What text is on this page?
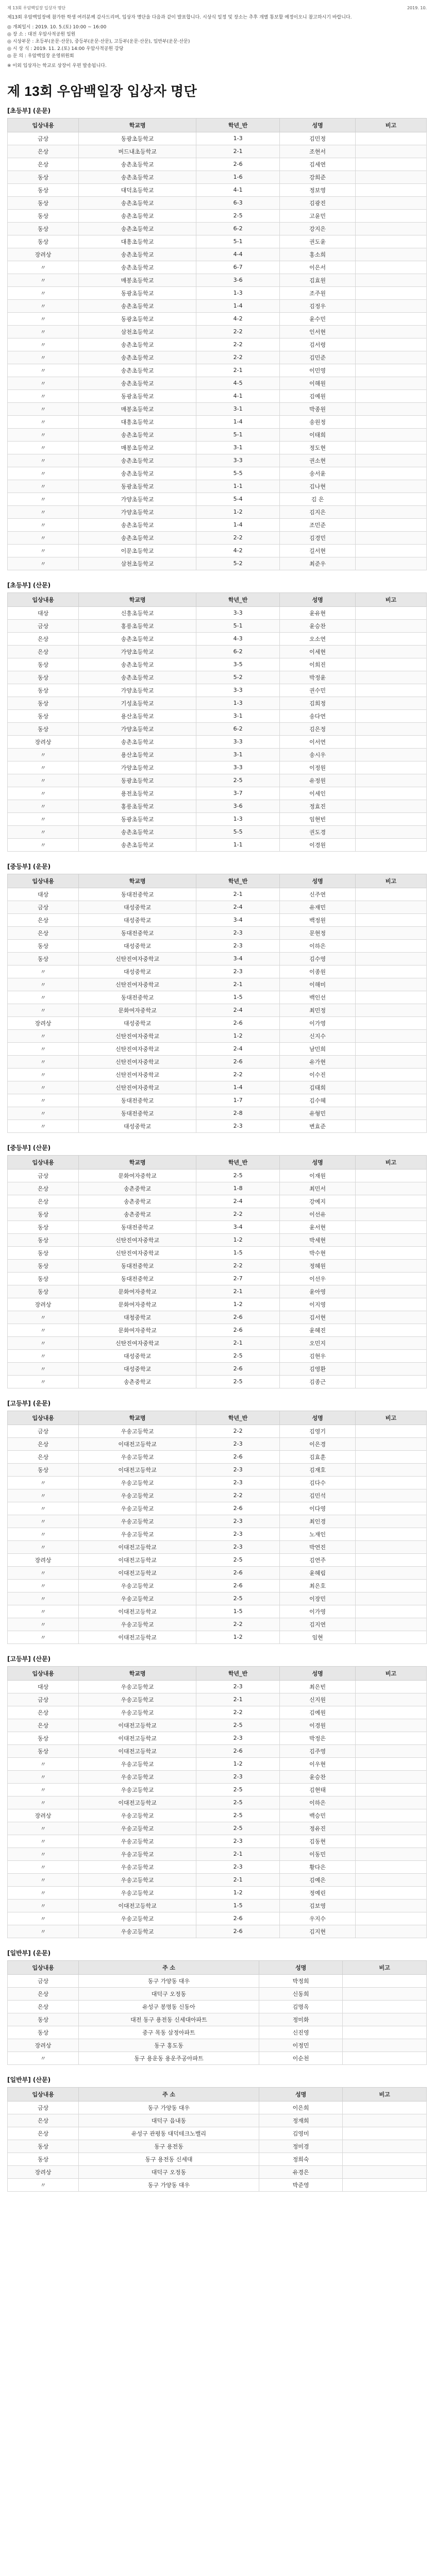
제 13회 우암백일장 입상자 명단	2019. 10.

제13회 우암백일장에 참가한 학생 여러분께 감사드리며, 입상자 명단을 다음과 같이 발표합니다. 시상식 일정 및 장소는 추후 개별 통보할 예정이오니 참고하시기 바랍니다.

◎ 개최일시 : 2019. 10. 5.(토) 10:00 ~ 16:00
◎ 장 소 : 대전 우암사적공원 일원
◎ 시상부문 : 초등부(운문·산문), 중등부(운문·산문), 고등부(운문·산문), 일반부(운문·산문)
◎ 시 상 식 : 2019. 11. 2.(토) 14:00 우암사적공원 강당
◎ 문 의 : 우암백일장 운영위원회

※ 이외 입상자는 학교로 상장이 우편 발송됩니다.

제 13회 우암백일장 입상자 명단
[초등부] (운문)
입상내용	학교명	학년_반	성명	비고
금상	동광초등학교	1-3	김민정	
은상	버드내초등학교	2-1	조현서	
은상	송촌초등학교	2-6	김세연	
동상	송촌초등학교	1-6	강희준	
동상	대덕초등학교	4-1	정보영	
동상	송촌초등학교	6-3	김광진	
동상	송촌초등학교	2-5	고윤민	
동상	송촌초등학교	6-2	강지은	
동상	대흥초등학교	5-1	권도윤	
장려상	송촌초등학교	4-4	홍소희	
〃	송촌초등학교	6-7	이은서	
〃	매봉초등학교	3-6	김효원	
〃	동광초등학교	1-3	조주원	
〃	송촌초등학교	1-4	김정우	
〃	동광초등학교	4-2	윤수민	
〃	삼천초등학교	2-2	인서현	
〃	송촌초등학교	2-2	김서령	
〃	송촌초등학교	2-2	김민준	
〃	송촌초등학교	2-1	이민영	
〃	송촌초등학교	4-5	이해원	
〃	동광초등학교	4-1	김예원	
〃	매봉초등학교	3-1	박종원	
〃	대흥초등학교	1-4	송원정	
〃	송촌초등학교	5-1	이태희	
〃	매봉초등학교	3-1	정도현	
〃	송촌초등학교	3-3	권소현	
〃	송촌초등학교	5-5	송서윤	
〃	동광초등학교	1-1	김나현	
〃	가양초등학교	5-4	김 은	
〃	가양초등학교	1-2	김지은	
〃	송촌초등학교	1-4	조민준	
〃	송촌초등학교	2-2	김경민	
〃	이문초등학교	4-2	길서현	
〃	삼천초등학교	5-2	최준우	
[초등부] (산문)
입상내용	학교명	학년_반	성명	비고
대상	신흥초등학교	3-3	윤유현	
금상	홍릉초등학교	5-1	윤승찬	
은상	송촌초등학교	4-3	오소연	
은상	가양초등학교	6-2	이세현	
동상	송촌초등학교	3-5	이희진	
동상	송촌초등학교	5-2	박정윤	
동상	가양초등학교	3-3	권수민	
동상	기성초등학교	1-3	김희정	
동상	용산초등학교	3-1	송다연	
동상	가양초등학교	6-2	김은정	
장려상	송촌초등학교	3-3	이서연	
〃	용산초등학교	3-1	송시우	
〃	가양초등학교	3-3	이정원	
〃	동광초등학교	2-5	유정원	
〃	용전초등학교	3-7	이세인	
〃	홍릉초등학교	3-6	정효진	
〃	동광초등학교	1-3	임현빈	
〃	송촌초등학교	5-5	권도경	
〃	송촌초등학교	1-1	이경원	
[중등부] (운문)
입상내용	학교명	학년_반	성명	비고
대상	동대전중학교	2-1	신주연	
금상	대성중학교	2-4	유재민	
은상	대성중학교	3-4	백정원	
은상	동대전중학교	2-3	문현정	
동상	대성중학교	2-3	이하은	
동상	신탄진여자중학교	3-4	김수영	
〃	대성중학교	2-3	이종원	
〃	신탄진여자중학교	2-1	이해미	
〃	동대전중학교	1-5	백인선	
〃	문화여자중학교	2-4	최민정	
장려상	대성중학교	2-6	이가영	
〃	신탄진여자중학교	1-2	신지수	
〃	신탄진여자중학교	2-4	남민희	
〃	신탄진여자중학교	2-6	유가현	
〃	신탄진여자중학교	2-2	이수진	
〃	신탄진여자중학교	1-4	김태희	
〃	동대전중학교	1-7	김수혜	
〃	동대전중학교	2-8	유형민	
〃	대성중학교	2-3	변효준	
[중등부] (산문)
입상내용	학교명	학년_반	성명	비고
금상	문화여자중학교	2-5	이재원	
은상	송촌중학교	1-8	최민서	
은상	송촌중학교	2-4	강예지	
동상	송촌중학교	2-2	이선유	
동상	동대전중학교	3-4	윤서현	
동상	신탄진여자중학교	1-2	박세현	
동상	신탄진여자중학교	1-5	박수현	
동상	동대전중학교	2-2	정혜원	
동상	동대전중학교	2-7	이선우	
동상	문화여자중학교	2-1	윤아영	
장려상	문화여자중학교	1-2	이지영	
〃	대청중학교	2-6	김서현	
〃	문화여자중학교	2-6	윤혜진	
〃	신탄진여자중학교	2-1	오민지	
〃	대성중학교	2-5	김현우	
〃	대성중학교	2-6	김영환	
〃	송촌중학교	2-5	김종근	
[고등부] (운문)
입상내용	학교명	학년_반	성명	비고
금상	우송고등학교	2-2	김영기	
은상	이대전고등학교	2-3	이은경	
은상	우송고등학교	2-6	김효훈	
동상	이대전고등학교	2-3	김재호	
〃	우송고등학교	2-3	김다수	
〃	우송고등학교	2-2	김민석	
〃	우송고등학교	2-6	이다영	
〃	우송고등학교	2-3	최인경	
〃	우송고등학교	2-3	노재인	
〃	이대전고등학교	2-3	박연진	
장려상	이대전고등학교	2-5	김연주	
〃	이대전고등학교	2-6	윤혜림	
〃	우송고등학교	2-6	최은호	
〃	우송고등학교	2-5	이장민	
〃	이대전고등학교	1-5	이가영	
〃	우송고등학교	2-2	김지연	
〃	이대전고등학교	1-2	임현	
[고등부] (산문)
입상내용	학교명	학년_반	성명	비고
대상	우송고등학교	2-3	최은빈	
금상	우송고등학교	2-1	신지원	
은상	우송고등학교	2-2	김예원	
은상	이대전고등학교	2-5	이경원	
동상	이대전고등학교	2-3	박정은	
동상	이대전고등학교	2-6	김주영	
〃	우송고등학교	1-2	이우현	
〃	우송고등학교	2-3	윤승찬	
〃	우송고등학교	2-5	김현태	
〃	이대전고등학교	2-5	이하은	
장려상	우송고등학교	2-5	백승민	
〃	우송고등학교	2-5	정유진	
〃	우송고등학교	2-3	김동현	
〃	우송고등학교	2-1	이동민	
〃	우송고등학교	2-3	황다은	
〃	우송고등학교	2-1	김예은	
〃	우송고등학교	1-2	정예린	
〃	이대전고등학교	1-5	김보영	
〃	우송고등학교	2-6	우지수	
〃	우송고등학교	2-6	김지현	
[일반부] (운문)
입상내용	주 소	성명	비고
금상	동구 가양동 대우	박정희	
은상	대덕구 오정동	신동희	
은상	유성구 봉명동 신동아	김명옥	
동상	대전 동구 용전동 신세대아파트	정미화	
동상	중구 목동 삼정아파트	신진영	
장려상	동구 홍도동	이정민	
〃	동구 용운동 용운주공아파트	이순천	
[일반부] (산문)
입상내용	주 소	성명	비고
금상	동구 가양동 대우	이은희	
은상	대덕구 읍내동	정재희	
은상	유성구 관평동 대덕테크노밸리	김영미	
동상	동구 용전동	정미경	
동상	동구 용전동 신세대	정희숙	
장려상	대덕구 오정동	유경은	
〃	동구 가양동 대우	박준영	
